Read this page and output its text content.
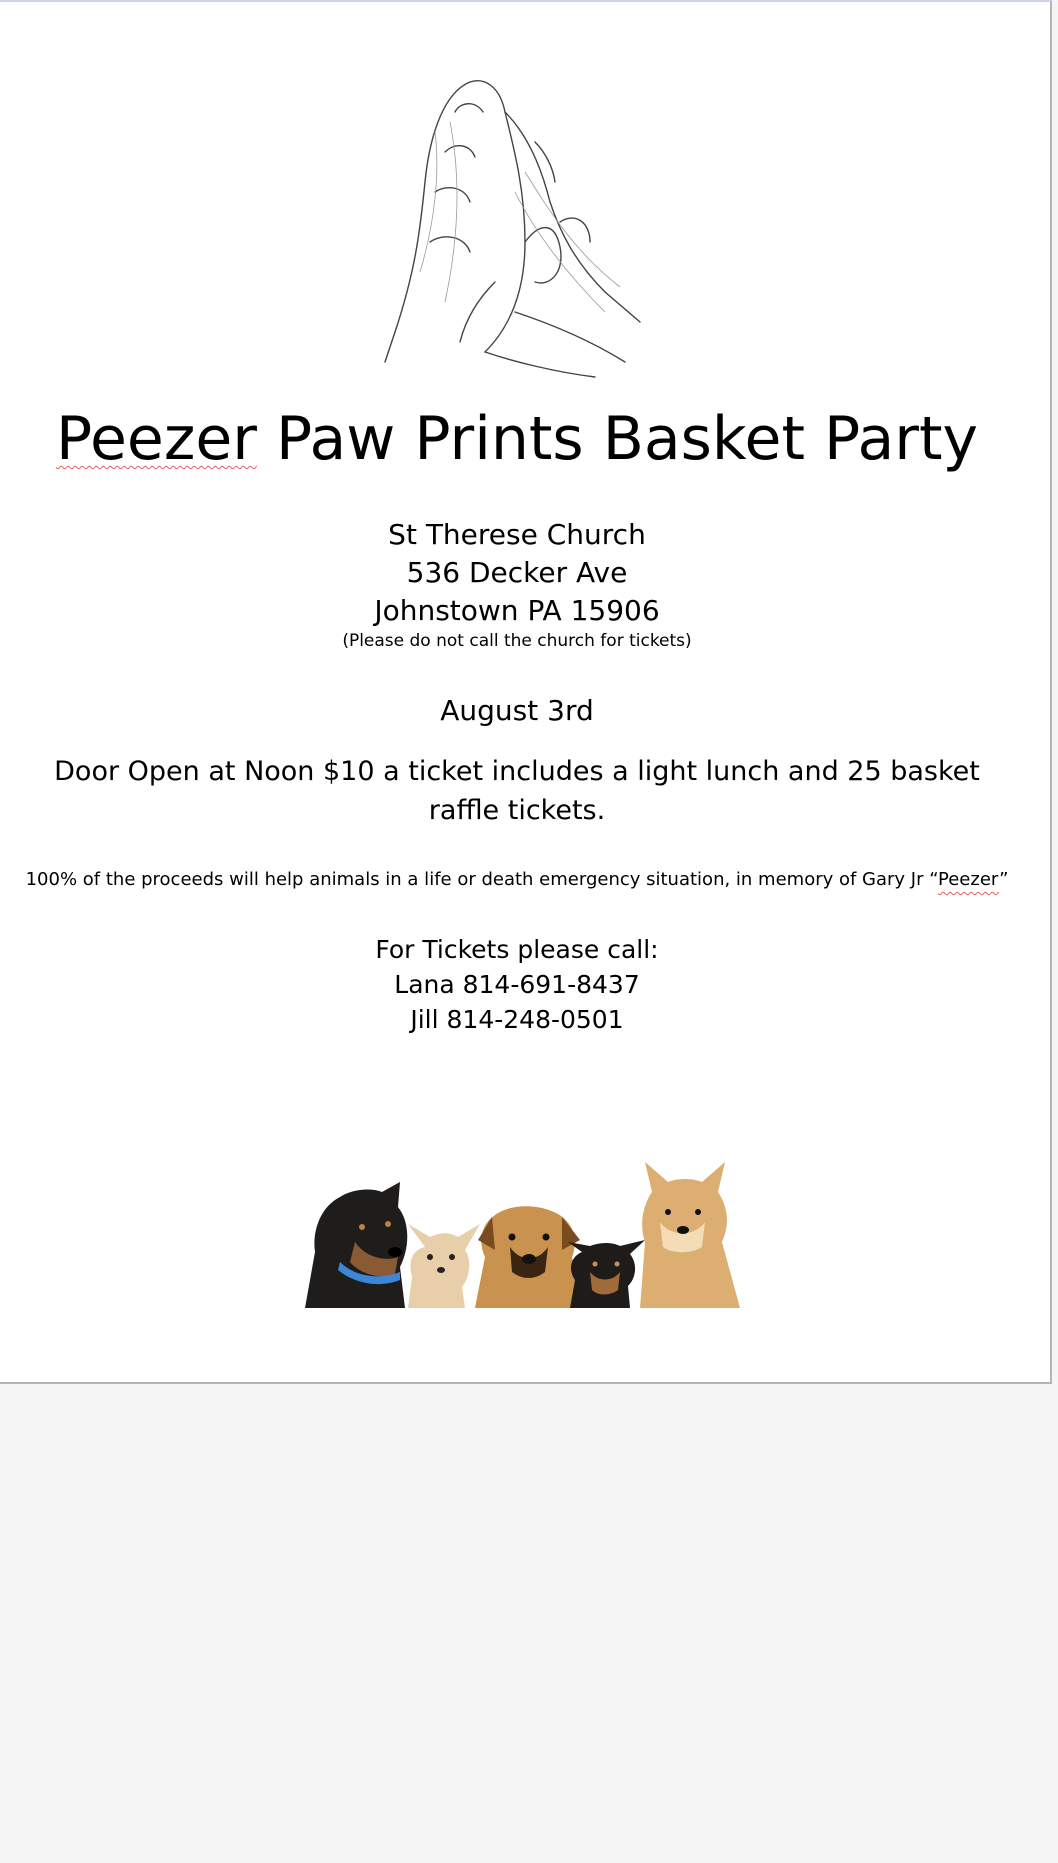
Peezer Paw Prints Basket Party
St Therese Church
536 Decker Ave
Johnstown PA 15906
(Please do not call the church for tickets)
August 3rd
Door Open at Noon $10 a ticket includes a light lunch and 25 basket raffle tickets.
100% of the proceeds will help animals in a life or death emergency situation, in memory of Gary Jr “Peezer”
For Tickets please call:
Lana 814-691-8437
Jill 814-248-0501
